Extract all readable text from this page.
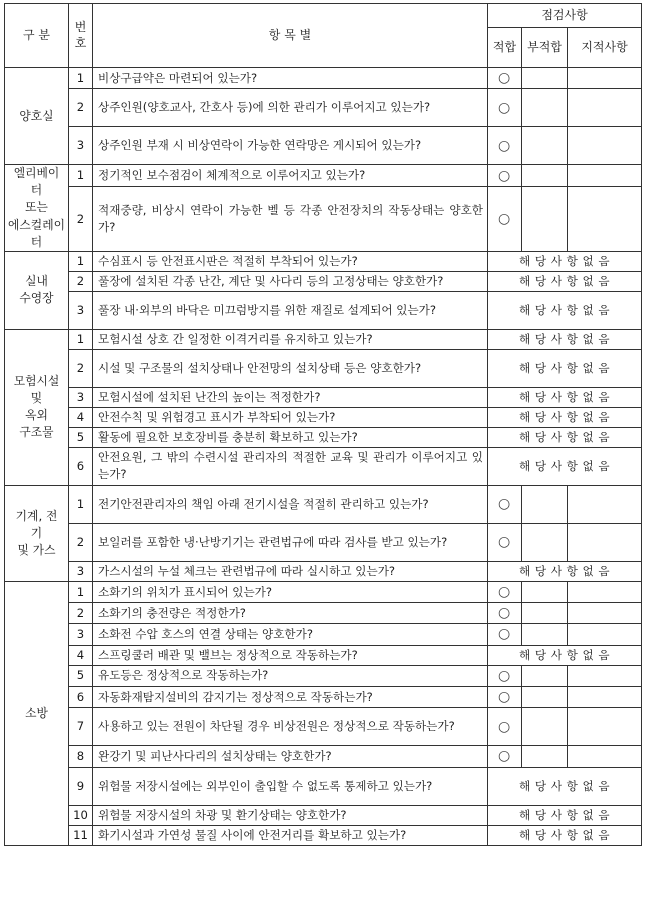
구 분	번
호	항 목 별	점검사항		
			적합	부적합	지적사항
양호실	1	비상구급약은 마련되어 있는가?	○		
	2	상주인원(양호교사, 간호사 등)에 의한 관리가 이루어지고 있는가?	○		
	3	상주인원 부재 시 비상연락이 가능한 연락망은 게시되어 있는가?	○		
엘리베이
터
또는
에스컬레이
터	1	정기적인 보수점검이 체계적으로 이루어지고 있는가?	○		
	2	적재중량, 비상시 연락이 가능한 벨 등 각종 안전장치의 작동상태는 양호한가?	○		
실내
수영장	1	수심표시 등 안전표시판은 적절히 부착되어 있는가?	해 당 사 항 없 음		
	2	풀장에 설치된 각종 난간, 계단 및 사다리 등의 고정상태는 양호한가?	해 당 사 항 없 음		
	3	풀장 내·외부의 바닥은 미끄럼방지를 위한 재질로 설계되어 있는가?	해 당 사 항 없 음		
모험시설
및
옥외
구조물	1	모험시설 상호 간 일정한 이격거리를 유지하고 있는가?	해 당 사 항 없 음		
	2	시설 및 구조물의 설치상태나 안전망의 설치상태 등은 양호한가?	해 당 사 항 없 음		
	3	모험시설에 설치된 난간의 높이는 적정한가?	해 당 사 항 없 음		
	4	안전수칙 및 위험경고 표시가 부착되어 있는가?	해 당 사 항 없 음		
	5	활동에 필요한 보호장비를 충분히 확보하고 있는가?	해 당 사 항 없 음		
	6	안전요원, 그 밖의 수련시설 관리자의 적절한 교육 및 관리가 이루어지고 있는가?	해 당 사 항 없 음		
기계, 전
기
및 가스	1	전기안전관리자의 책임 아래 전기시설을 적절히 관리하고 있는가?	○		
	2	보일러를 포함한 냉·난방기기는 관련법규에 따라 검사를 받고 있는가?	○		
	3	가스시설의 누설 체크는 관련법규에 따라 실시하고 있는가?	해 당 사 항 없 음		
소방	1	소화기의 위치가 표시되어 있는가?	○		
	2	소화기의 충전량은 적정한가?	○		
	3	소화전 수압 호스의 연결 상태는 양호한가?	○		
	4	스프링쿨러 배관 및 밸브는 정상적으로 작동하는가?	해 당 사 항 없 음		
	5	유도등은 정상적으로 작동하는가?	○		
	6	자동화재탐지설비의 감지기는 정상적으로 작동하는가?	○		
	7	사용하고 있는 전원이 차단될 경우 비상전원은 정상적으로 작동하는가?	○		
	8	완강기 및 피난사다리의 설치상태는 양호한가?	○		
	9	위험물 저장시설에는 외부인이 출입할 수 없도록 통제하고 있는가?	해 당 사 항 없 음		
	10	위험물 저장시설의 차광 및 환기상태는 양호한가?	해 당 사 항 없 음		
	11	화기시설과 가연성 물질 사이에 안전거리를 확보하고 있는가?	해 당 사 항 없 음		
